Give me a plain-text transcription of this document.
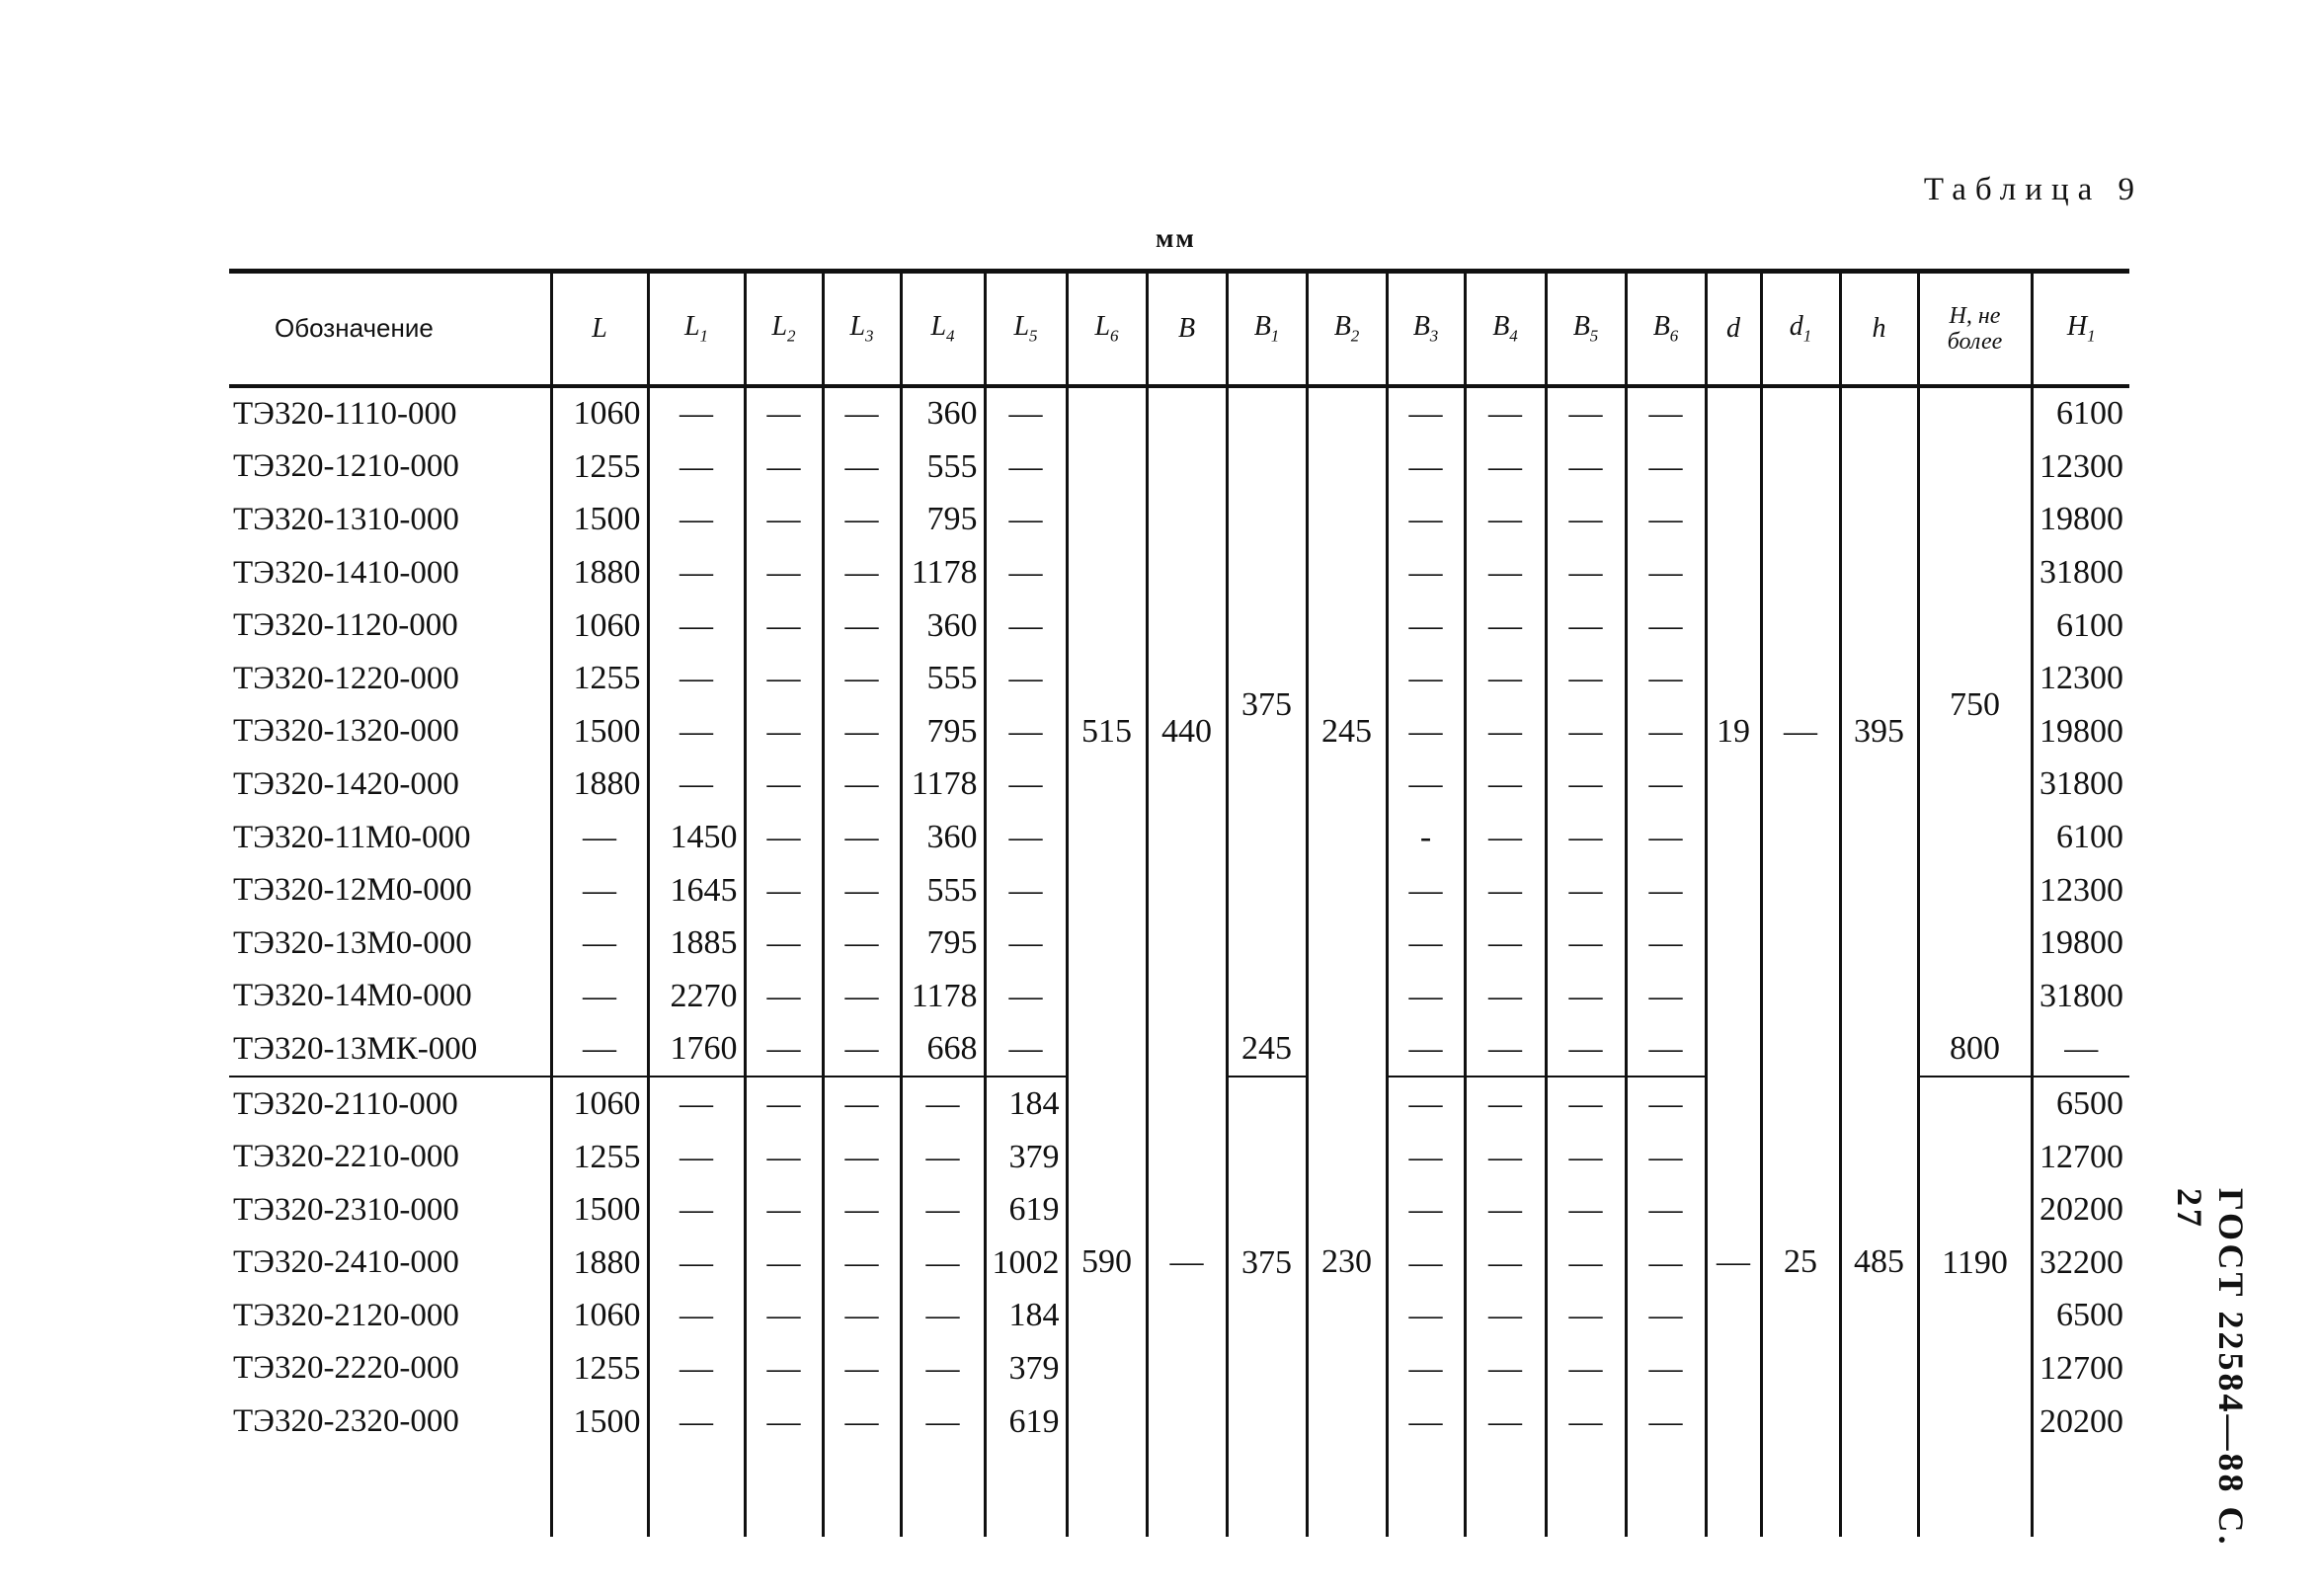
Таблица 9
мм
ГОСТ 22584—88 С. 27
Обозначение	L	$L_1$	$L_2$	$L_3$	$L_4$	$L_5$	$L_6$	B	$B_1$	$B_2$	$B_3$	$B_4$	$B_5$	$B_6$	d	$d_1$	h	H, не более	$H_1$
ТЭ320-1110-000	1060	—	—	—	360	—	515	440	375	245	—	—	—	—	19	—	395	750	6100
ТЭ320-1210-000	1255	—	—	—	555	—					—	—	—	—					12300
ТЭ320-1310-000	1500	—	—	—	795	—					—	—	—	—					19800
ТЭ320-1410-000	1880	—	—	—	1178	—					—	—	—	—					31800
ТЭ320-1120-000	1060	—	—	—	360	—					—	—	—	—					6100
ТЭ320-1220-000	1255	—	—	—	555	—					—	—	—	—					12300
ТЭ320-1320-000	1500	—	—	—	795	—					—	—	—	—					19800
ТЭ320-1420-000	1880	—	—	—	1178	—					—	—	—	—					31800
ТЭ320-11М0-000	—	1450	—	—	360	—					-	—	—	—					6100
ТЭ320-12М0-000	—	1645	—	—	555	—					—	—	—	—					12300
ТЭ320-13М0-000	—	1885	—	—	795	—					—	—	—	—					19800
ТЭ320-14М0-000	—	2270	—	—	1178	—					—	—	—	—					31800
ТЭ320-13МК-000	—	1760	—	—	668	—			245		—	—	—	—				800	—
ТЭ320-2110-000	1060	—	—	—	—	184	590	—	375	230	—	—	—	—	—	25	485	1190	6500
ТЭ320-2210-000	1255	—	—	—	—	379					—	—	—	—					12700
ТЭ320-2310-000	1500	—	—	—	—	619					—	—	—	—					20200
ТЭ320-2410-000	1880	—	—	—	—	1002					—	—	—	—					32200
ТЭ320-2120-000	1060	—	—	—	—	184					—	—	—	—					6500
ТЭ320-2220-000	1255	—	—	—	—	379					—	—	—	—					12700
ТЭ320-2320-000	1500	—	—	—	—	619					—	—	—	—					20200
